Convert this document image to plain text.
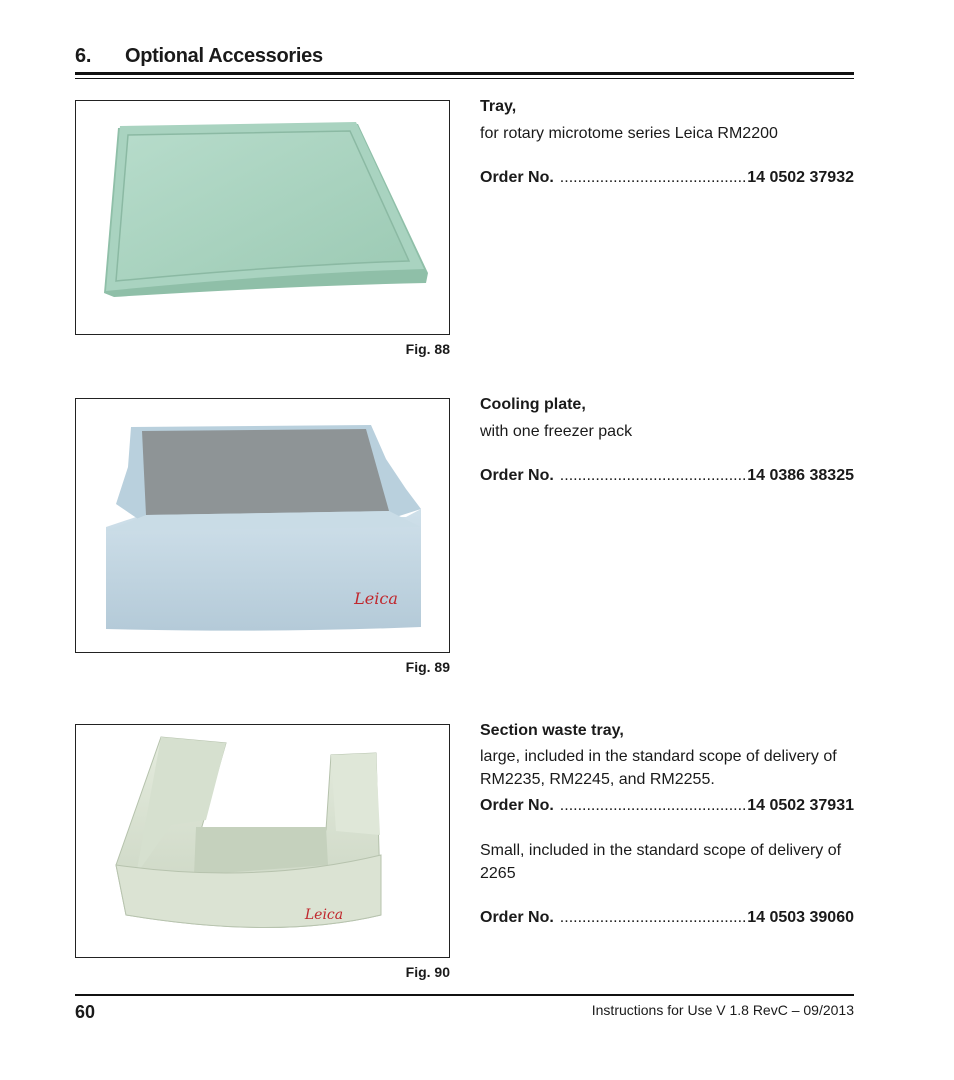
6. Optional Accessories
Fig. 88
Tray,
for rotary microtome series Leica RM2200
Order No. .....	14 0502 37932
Leica
Fig. 89
Cooling plate,
with one freezer pack
Order No. .....	14 0386 38325
Leica
Fig. 90
Section waste tray,
large, included in the standard scope of delivery of RM2235, RM2245, and RM2255.
Order No. .....	14 0502 37931
Small, included in the standard scope of delivery of 2265
Order No. .....	14 0503 39060
60	Instructions for Use V 1.8 RevC – 09/2013
